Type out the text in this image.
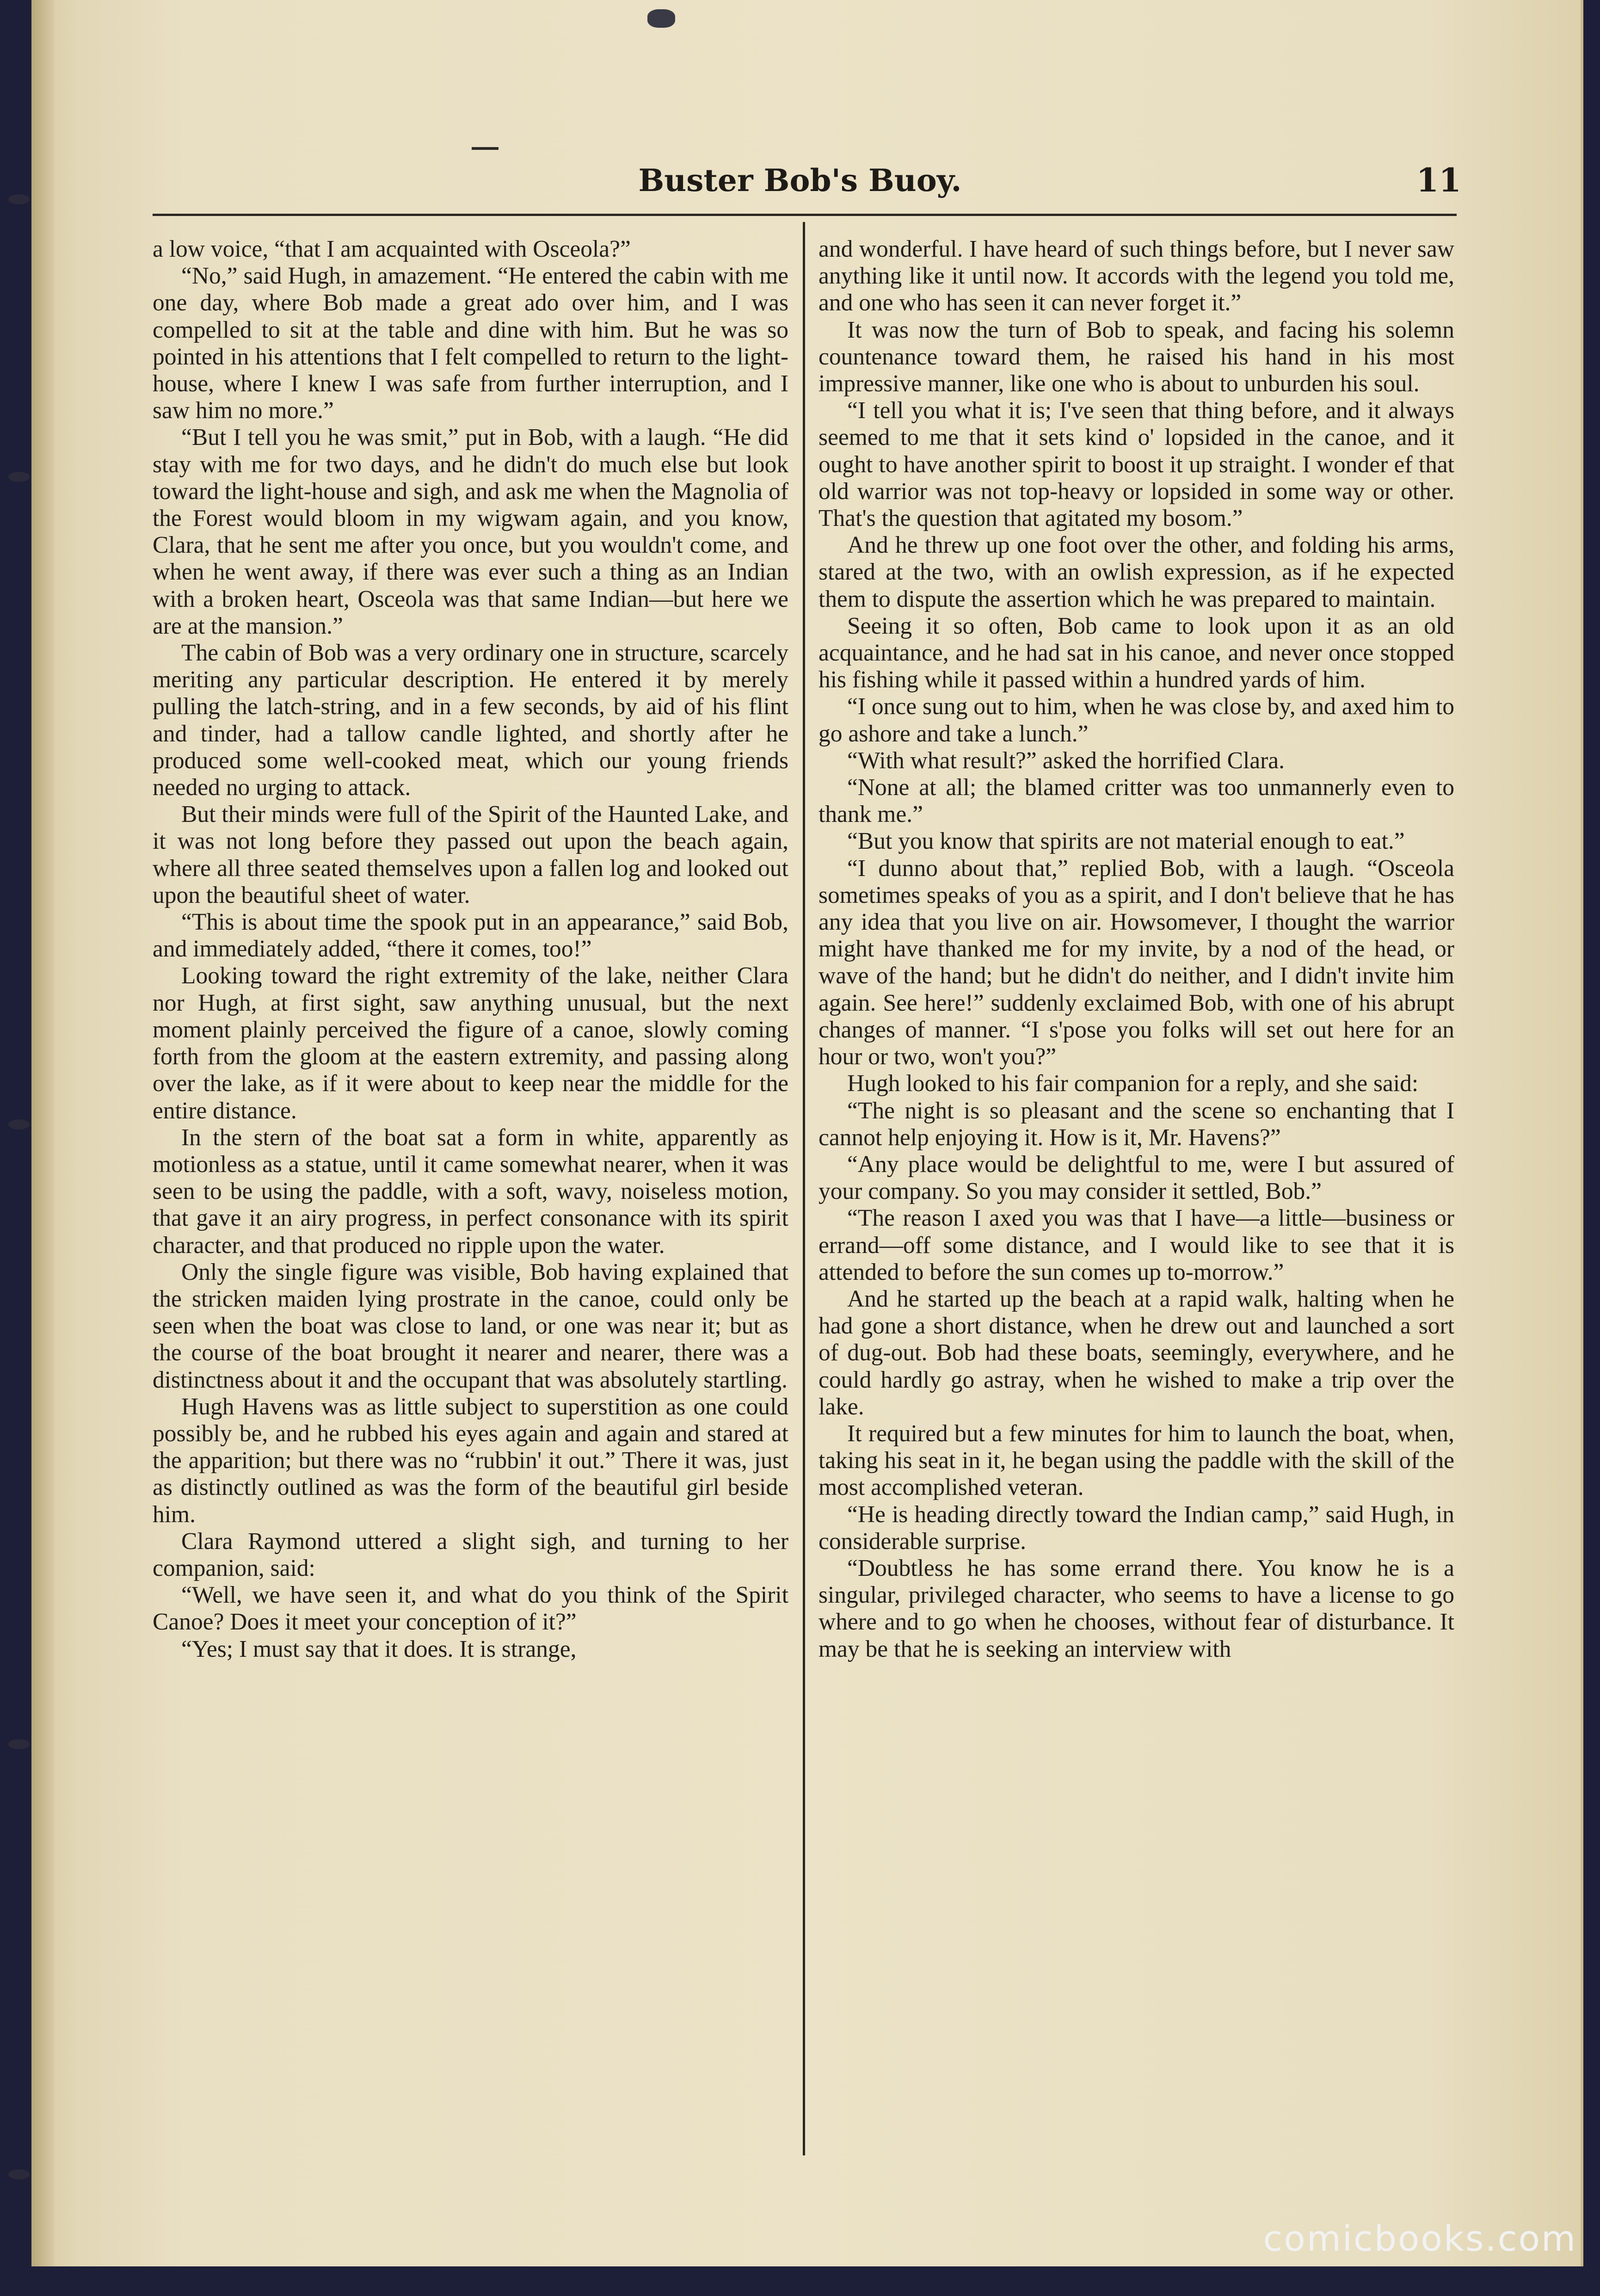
Buster Bob's Buoy.	11

a low voice, “that I am acquainted with Osceola?”

“No,” said Hugh, in amazement. “He entered the cabin with me one day, where Bob made a great ado over him, and I was compelled to sit at the table and dine with him. But he was so pointed in his attentions that I felt compelled to return to the light-house, where I knew I was safe from further interruption, and I saw him no more.”

“But I tell you he was smit,” put in Bob, with a laugh. “He did stay with me for two days, and he didn't do much else but look toward the light-house and sigh, and ask me when the Magnolia of the Forest would bloom in my wigwam again, and you know, Clara, that he sent me after you once, but you wouldn't come, and when he went away, if there was ever such a thing as an Indian with a broken heart, Osceola was that same Indian—but here we are at the mansion.”

The cabin of Bob was a very ordinary one in structure, scarcely meriting any particular description. He entered it by merely pulling the latch-string, and in a few seconds, by aid of his flint and tinder, had a tallow candle lighted, and shortly after he produced some well-cooked meat, which our young friends needed no urging to attack.

But their minds were full of the Spirit of the Haunted Lake, and it was not long before they passed out upon the beach again, where all three seated themselves upon a fallen log and looked out upon the beautiful sheet of water.

“This is about time the spook put in an appearance,” said Bob, and immediately added, “there it comes, too!”

Looking toward the right extremity of the lake, neither Clara nor Hugh, at first sight, saw anything unusual, but the next moment plainly perceived the figure of a canoe, slowly coming forth from the gloom at the eastern extremity, and passing along over the lake, as if it were about to keep near the middle for the entire distance.

In the stern of the boat sat a form in white, apparently as motionless as a statue, until it came somewhat nearer, when it was seen to be using the paddle, with a soft, wavy, noiseless motion, that gave it an airy progress, in perfect consonance with its spirit character, and that produced no ripple upon the water.

Only the single figure was visible, Bob having explained that the stricken maiden lying prostrate in the canoe, could only be seen when the boat was close to land, or one was near it; but as the course of the boat brought it nearer and nearer, there was a distinctness about it and the occupant that was absolutely startling.

Hugh Havens was as little subject to superstition as one could possibly be, and he rubbed his eyes again and again and stared at the apparition; but there was no “rubbin' it out.” There it was, just as distinctly outlined as was the form of the beautiful girl beside him.

Clara Raymond uttered a slight sigh, and turning to her companion, said:

“Well, we have seen it, and what do you think of the Spirit Canoe? Does it meet your conception of it?”

“Yes; I must say that it does. It is strange,

and wonderful. I have heard of such things before, but I never saw anything like it until now. It accords with the legend you told me, and one who has seen it can never forget it.”

It was now the turn of Bob to speak, and facing his solemn countenance toward them, he raised his hand in his most impressive manner, like one who is about to unburden his soul.

“I tell you what it is; I've seen that thing before, and it always seemed to me that it sets kind o' lopsided in the canoe, and it ought to have another spirit to boost it up straight. I wonder ef that old warrior was not top-heavy or lopsided in some way or other. That's the question that agitated my bosom.”

And he threw up one foot over the other, and folding his arms, stared at the two, with an owlish expression, as if he expected them to dispute the assertion which he was prepared to maintain.

Seeing it so often, Bob came to look upon it as an old acquaintance, and he had sat in his canoe, and never once stopped his fishing while it passed within a hundred yards of him.

“I once sung out to him, when he was close by, and axed him to go ashore and take a lunch.”

“With what result?” asked the horrified Clara.

“None at all; the blamed critter was too unmannerly even to thank me.”

“But you know that spirits are not material enough to eat.”

“I dunno about that,” replied Bob, with a laugh. “Osceola sometimes speaks of you as a spirit, and I don't believe that he has any idea that you live on air. Howsomever, I thought the warrior might have thanked me for my invite, by a nod of the head, or wave of the hand; but he didn't do neither, and I didn't invite him again. See here!” suddenly exclaimed Bob, with one of his abrupt changes of manner. “I s'pose you folks will set out here for an hour or two, won't you?”

Hugh looked to his fair companion for a reply, and she said:

“The night is so pleasant and the scene so enchanting that I cannot help enjoying it. How is it, Mr. Havens?”

“Any place would be delightful to me, were I but assured of your company. So you may consider it settled, Bob.”

“The reason I axed you was that I have—a little—business or errand—off some distance, and I would like to see that it is attended to before the sun comes up to-morrow.”

And he started up the beach at a rapid walk, halting when he had gone a short distance, when he drew out and launched a sort of dug-out. Bob had these boats, seemingly, everywhere, and he could hardly go astray, when he wished to make a trip over the lake.

It required but a few minutes for him to launch the boat, when, taking his seat in it, he began using the paddle with the skill of the most accomplished veteran.

“He is heading directly toward the Indian camp,” said Hugh, in considerable surprise.

“Doubtless he has some errand there. You know he is a singular, privileged character, who seems to have a license to go where and to go when he chooses, without fear of disturbance. It may be that he is seeking an interview with

comicbooks.com
